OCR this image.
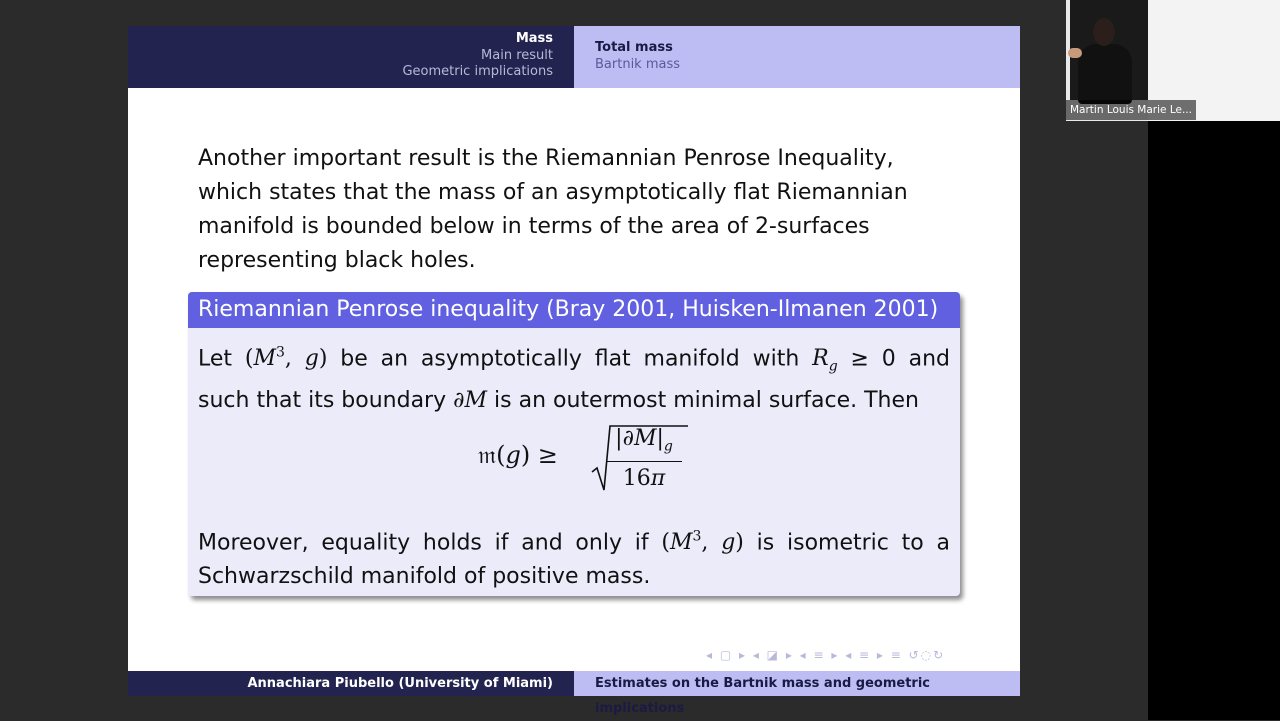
Mass
Main result
Geometric implications
Total mass
Bartnik mass
Another important result is the Riemannian Penrose Inequality,
which states that the mass of an asymptotically flat Riemannian
manifold is bounded below in terms of the area of 2-surfaces
representing black holes.
Riemannian Penrose inequality (Bray 2001, Huisken-Ilmanen 2001)
Let ($M^3$, g) be an asymptotically flat manifold with $R_g \ge 0$ and
such that its boundary ∂M is an outermost minimal surface. Then
𝔪(g) ≥ $\frac{|\partial M|_g}{16\pi}$
Moreover, equality holds if and only if ($M^3$, g) is isometric to a
Schwarzschild manifold of positive mass.
◂ ▢ ▸ ◂ ◪ ▸ ◂ ≡ ▸ ◂ ≡ ▸ ≡ ↺◌↻
Annachiara Piubello (University of Miami)	Estimates on the Bartnik mass and geometric implications
Martin Louis Marie Le...
